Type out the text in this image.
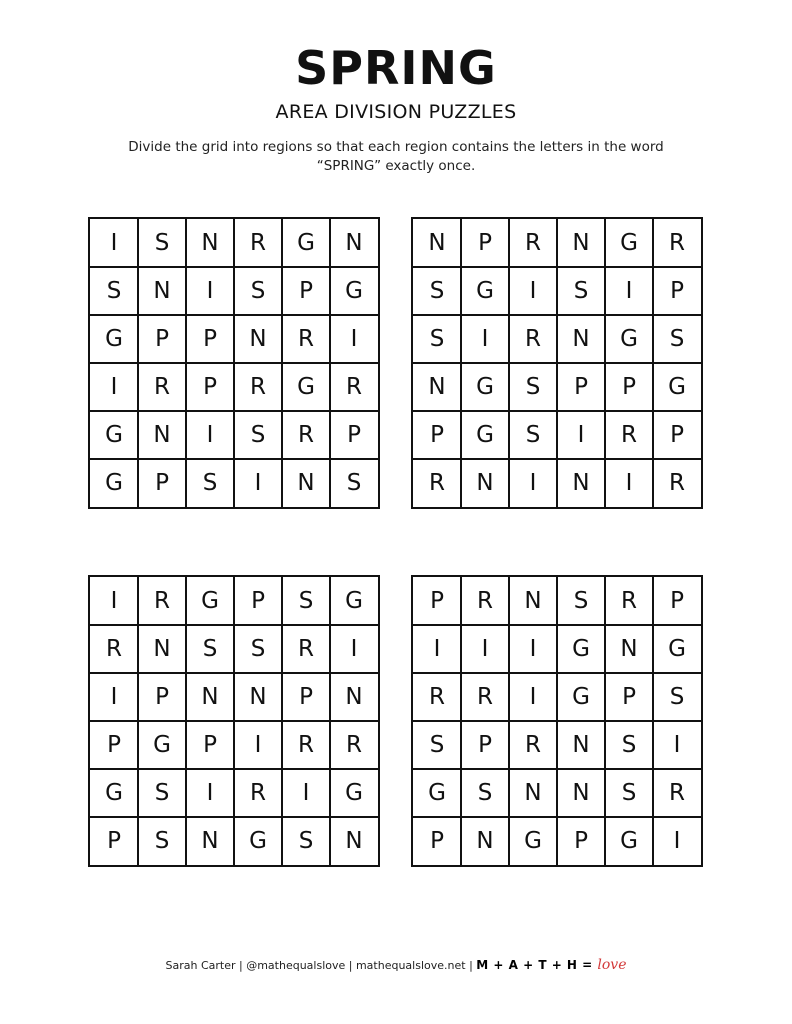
SPRING
AREA DIVISION PUZZLES
Divide the grid into regions so that each region contains the letters in the word “SPRING” exactly once.
I	S	N	R	G	N
S	N	I	S	P	G
G	P	P	N	R	I
I	R	P	R	G	R
G	N	I	S	R	P
G	P	S	I	N	S
N	P	R	N	G	R
S	G	I	S	I	P
S	I	R	N	G	S
N	G	S	P	P	G
P	G	S	I	R	P
R	N	I	N	I	R
I	R	G	P	S	G
R	N	S	S	R	I
I	P	N	N	P	N
P	G	P	I	R	R
G	S	I	R	I	G
P	S	N	G	S	N
P	R	N	S	R	P
I	I	I	G	N	G
R	R	I	G	P	S
S	P	R	N	S	I
G	S	N	N	S	R
P	N	G	P	G	I
Sarah Carter | @mathequalslove | mathequalslove.net | M + A + T + H = love
